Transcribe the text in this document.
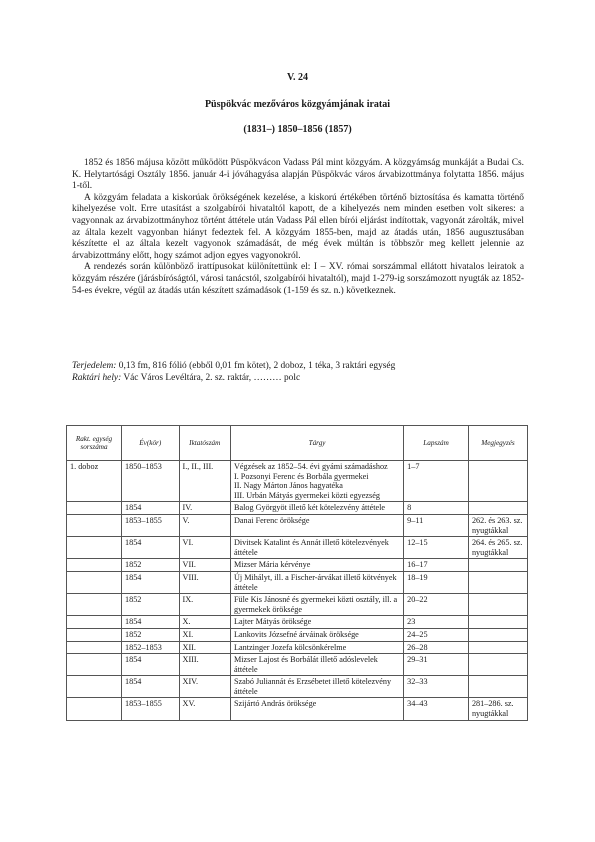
V. 24
Püspökvác mezőváros közgyámjának iratai
(1831–) 1850–1856 (1857)

1852 és 1856 májusa között működött Püspökvácon Vadass Pál mint közgyám. A közgyámság munkáját a Budai Cs. K. Helytartósági Osztály 1856. január 4-i jóváhagyása alapján Püspökvác város árvabizottmánya folytatta 1856. május 1-től.

A közgyám feladata a kiskorúak örökségének kezelése, a kiskorú értékében történő biztosítása és kamatta történő kihelyezése volt. Erre utasítást a szolgabírói hivataltól kapott, de a kihelyezés nem minden esetben volt sikeres: a vagyonnak az árvabizottmányhoz történt áttétele után Vadass Pál ellen bírói eljárást indítottak, vagyonát zárolták, mivel az általa kezelt vagyonban hiányt fedeztek fel. A közgyám 1855-ben, majd az átadás után, 1856 augusztusában készítette el az általa kezelt vagyonok számadását, de még évek múltán is többször meg kellett jelennie az árvabizottmány előtt, hogy számot adjon egyes vagyonokról.

A rendezés során különböző irattípusokat különítettünk el: I – XV. római sorszámmal ellátott hivatalos leiratok a közgyám részére (járásbíróságtól, városi tanácstól, szolgabírói hivataltól), majd 1-279-ig sorszámozott nyugták az 1852-54-es évekre, végül az átadás után készített számadások (1-159 és sz. n.) következnek.

Terjedelem: 0,13 fm, 816 fólió (ebből 0,01 fm kötet), 2 doboz, 1 téka, 3 raktári egység
Raktári hely: Vác Város Levéltára, 2. sz. raktár, ……… polc
Rakt. egység sorszáma	Év(kör)	Iktatószám	Tárgy	Lapszám	Megjegyzés
1. doboz	1850–1853	I., II., III.	Végzések az 1852–54. évi gyámi számadáshoz
I. Pozsonyi Ferenc és Borbála gyermekei
II. Nagy Márton János hagyatéka
III. Urbán Mátyás gyermekei közti egyezség	1–7	
	1854	IV.	Balog Györgyöt illető két kötelezvény áttétele	8	
	1853–1855	V.	Danai Ferenc öröksége	9–11	262. és 263. sz. nyugtákkal
	1854	VI.	Divitsek Katalint és Annát illető kötelezvények áttétele	12–15	264. és 265. sz. nyugtákkal
	1852	VII.	Mizser Mária kérvénye	16–17	
	1854	VIII.	Új Mihályt, ill. a Fischer-árvákat illető kötvények áttétele	18–19	
	1852	IX.	Füle Kis Jánosné és gyermekei közti osztály, ill. a gyermekek öröksége	20–22	
	1854	X.	Lajter Mátyás öröksége	23	
	1852	XI.	Lankovits Józsefné árváinak öröksége	24–25	
	1852–1853	XII.	Lantzinger Jozefa kölcsönkérelme	26–28	
	1854	XIII.	Mizser Lajost és Borbálát illető adóslevelek áttétele	29–31	
	1854	XIV.	Szabó Juliannát és Erzsébetet illető kötelezvény áttétele	32–33	
	1853–1855	XV.	Szijártó András öröksége	34–43	281–286. sz. nyugtákkal
